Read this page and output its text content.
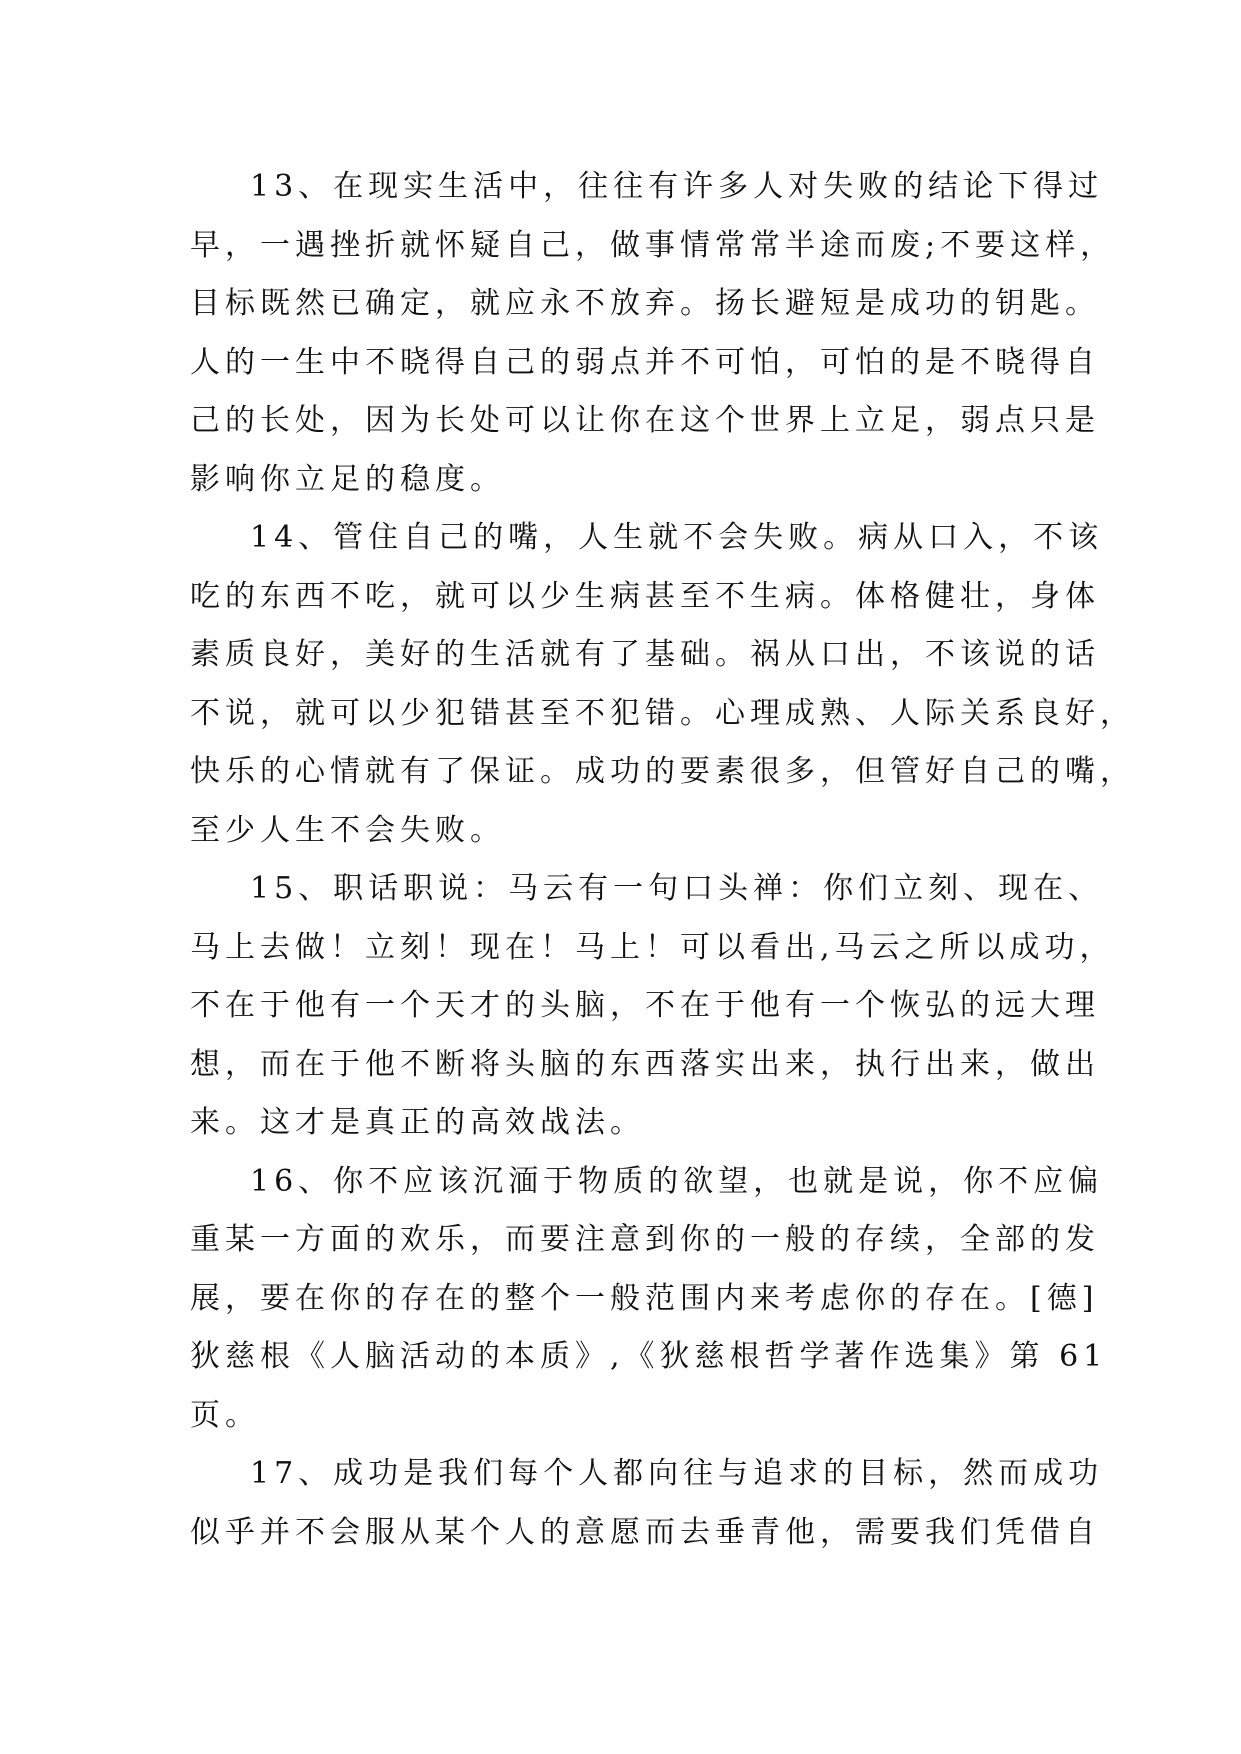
13、在现实生活中，往往有许多人对失败的结论下得过
早，一遇挫折就怀疑自己，做事情常常半途而废;不要这样，
目标既然已确定，就应永不放弃。扬长避短是成功的钥匙。
人的一生中不晓得自己的弱点并不可怕，可怕的是不晓得自
己的长处，因为长处可以让你在这个世界上立足，弱点只是
影响你立足的稳度。

14、管住自己的嘴，人生就不会失败。病从口入，不该
吃的东西不吃，就可以少生病甚至不生病。体格健壮，身体
素质良好，美好的生活就有了基础。祸从口出，不该说的话
不说，就可以少犯错甚至不犯错。心理成熟、人际关系良好，
快乐的心情就有了保证。成功的要素很多，但管好自己的嘴，
至少人生不会失败。

15、职话职说：马云有一句口头禅：你们立刻、现在、
马上去做！立刻！现在！马上！可以看出,马云之所以成功，
不在于他有一个天才的头脑，不在于他有一个恢弘的远大理
想，而在于他不断将头脑的东西落实出来，执行出来，做出
来。这才是真正的高效战法。

16、你不应该沉湎于物质的欲望，也就是说，你不应偏
重某一方面的欢乐，而要注意到你的一般的存续，全部的发
展，要在你的存在的整个一般范围内来考虑你的存在。[德]
狄慈根《人脑活动的本质》,《狄慈根哲学著作选集》第 61
页。

17、成功是我们每个人都向往与追求的目标，然而成功
似乎并不会服从某个人的意愿而去垂青他，需要我们凭借自
